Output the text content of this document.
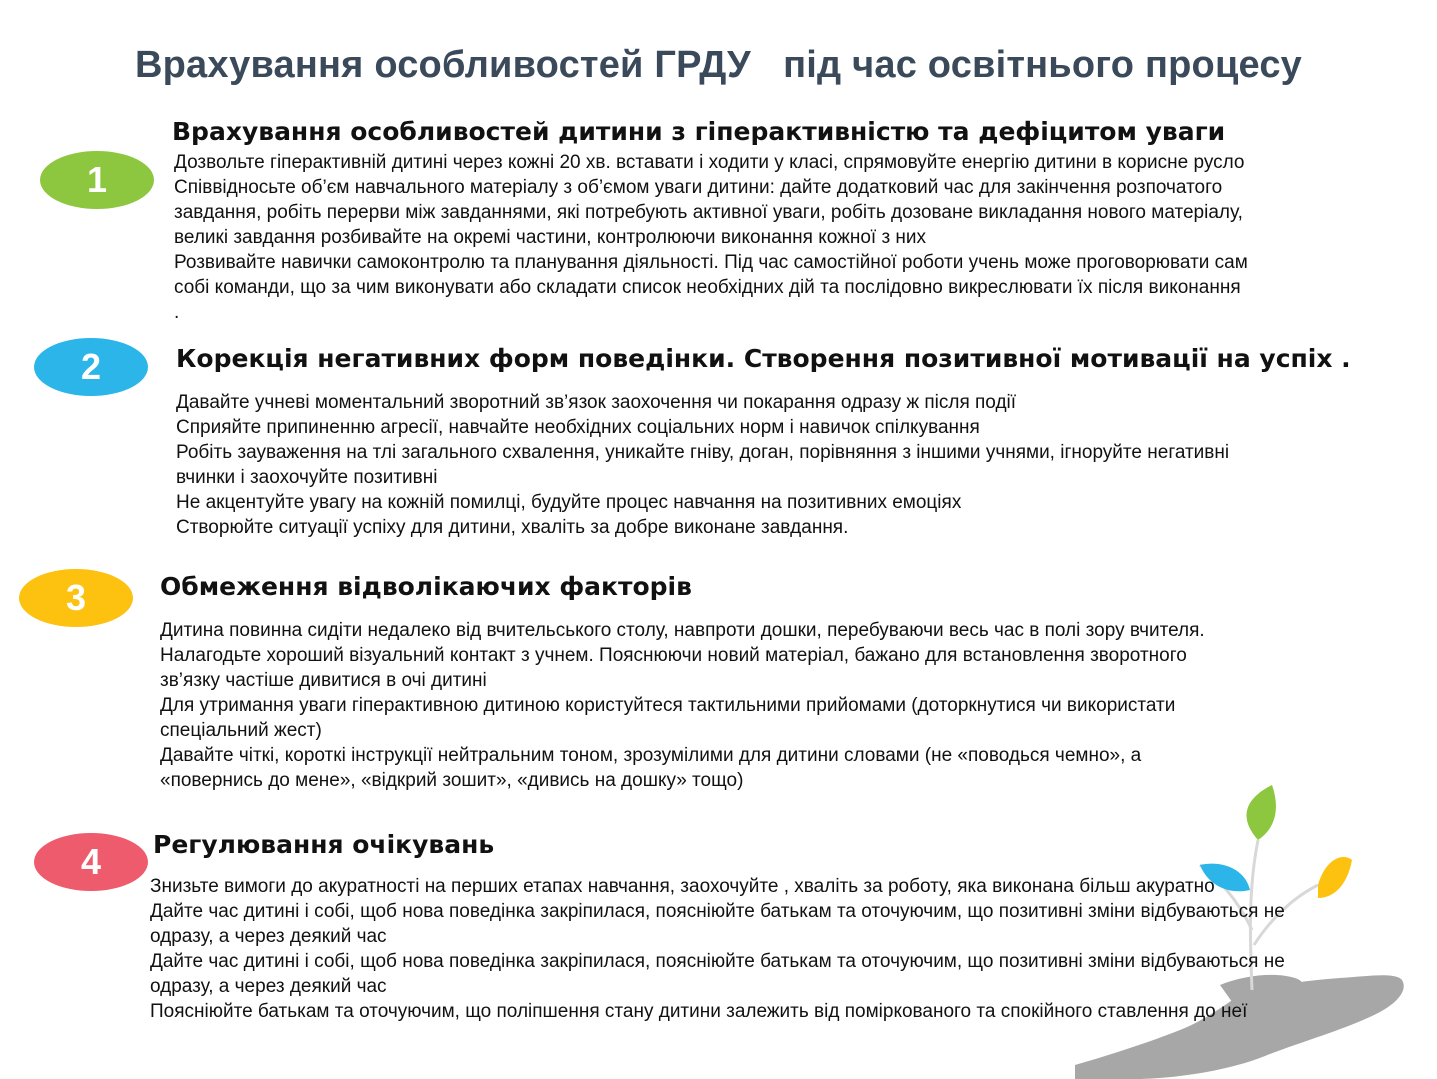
Врахування особливостей ГРДУ   під час освітнього процесу
1
Врахування особливостей дитини з гіперактивністю та дефіцитом уваги
Дозвольте гіперактивній дитині через кожні 20 хв. вставати і ходити у класі, спрямовуйте енергію дитини в корисне русло
Співвідносьте об’єм навчального матеріалу з об’ємом уваги дитини: дайте додатковий час для закінчення розпочатого
завдання, робіть перерви між завданнями, які потребують активної уваги, робіть дозоване викладання нового матеріалу,
великі завдання розбивайте на окремі частини, контролюючи виконання кожної з них
Розвивайте навички самоконтролю та планування діяльності. Під час самостійної роботи учень може проговорювати сам
собі команди, що за чим виконувати або складати список необхідних дій та послідовно викреслювати їх після виконання
.
2	Корекція негативних форм поведінки. Створення позитивної мотивації на успіх .
Давайте учневі моментальний зворотний зв’язок заохочення чи покарання одразу ж після події
Сприяйте припиненню агресії, навчайте необхідних соціальних норм і навичок спілкування
Робіть зауваження на тлі загального схвалення, уникайте гніву, доган, порівняння з іншими учнями, ігноруйте негативні
вчинки і заохочуйте позитивні
Не акцентуйте увагу на кожній помилці, будуйте процес навчання на позитивних емоціях
Створюйте ситуації успіху для дитини, хваліть за добре виконане завдання.
3	Обмеження відволікаючих факторів
Дитина повинна сидіти недалеко від вчительського столу, навпроти дошки, перебуваючи весь час в полі зору вчителя.
Налагодьте хороший візуальний контакт з учнем. Пояснюючи новий матеріал, бажано для встановлення зворотного
зв’язку частіше дивитися в очі дитині
Для утримання уваги гіперактивною дитиною користуйтеся тактильними прийомами (доторкнутися чи використати
спеціальний жест)
Давайте чіткі, короткі інструкції нейтральним тоном, зрозумілими для дитини словами (не «поводься чемно», а
«повернись до мене», «відкрий зошит», «дивись на дошку» тощо)
4 Регулювання очікувань
Знизьте вимоги до акуратності на перших етапах навчання, заохочуйте , хваліть за роботу, яка виконана більш акуратно
Дайте час дитині і собі, щоб нова поведінка закріпилася, поясніюйте батькам та оточуючим, що позитивні зміни відбуваються не
одразу, а через деякий час
Дайте час дитині і собі, щоб нова поведінка закріпилася, поясніюйте батькам та оточуючим, що позитивні зміни відбуваються не
одразу, а через деякий час
Поясніюйте батькам та оточуючим, що поліпшення стану дитини залежить від поміркованого та спокійного ставлення до неї
